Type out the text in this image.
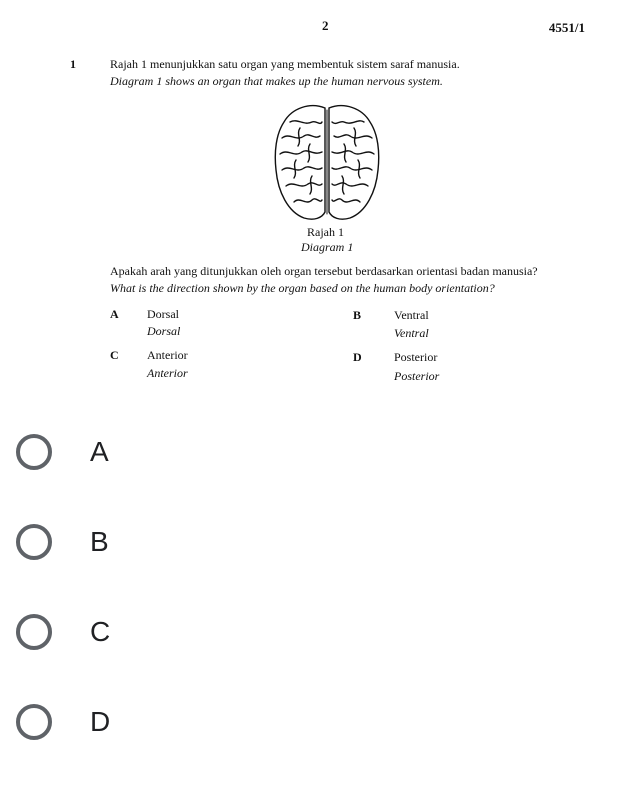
2	4551/1
1	Rajah 1 menunjukkan satu organ yang membentuk sistem saraf manusia.
Diagram 1 shows an organ that makes up the human nervous system.
Rajah 1
Diagram 1
Apakah arah yang ditunjukkan oleh organ tersebut berdasarkan orientasi badan manusia?
What is the direction shown by the organ based on the human body orientation?
A Dorsal
Dorsal
B	Ventral
Ventral
C Anterior
Anterior
D	Posterior
Posterior
A
B
C
D
